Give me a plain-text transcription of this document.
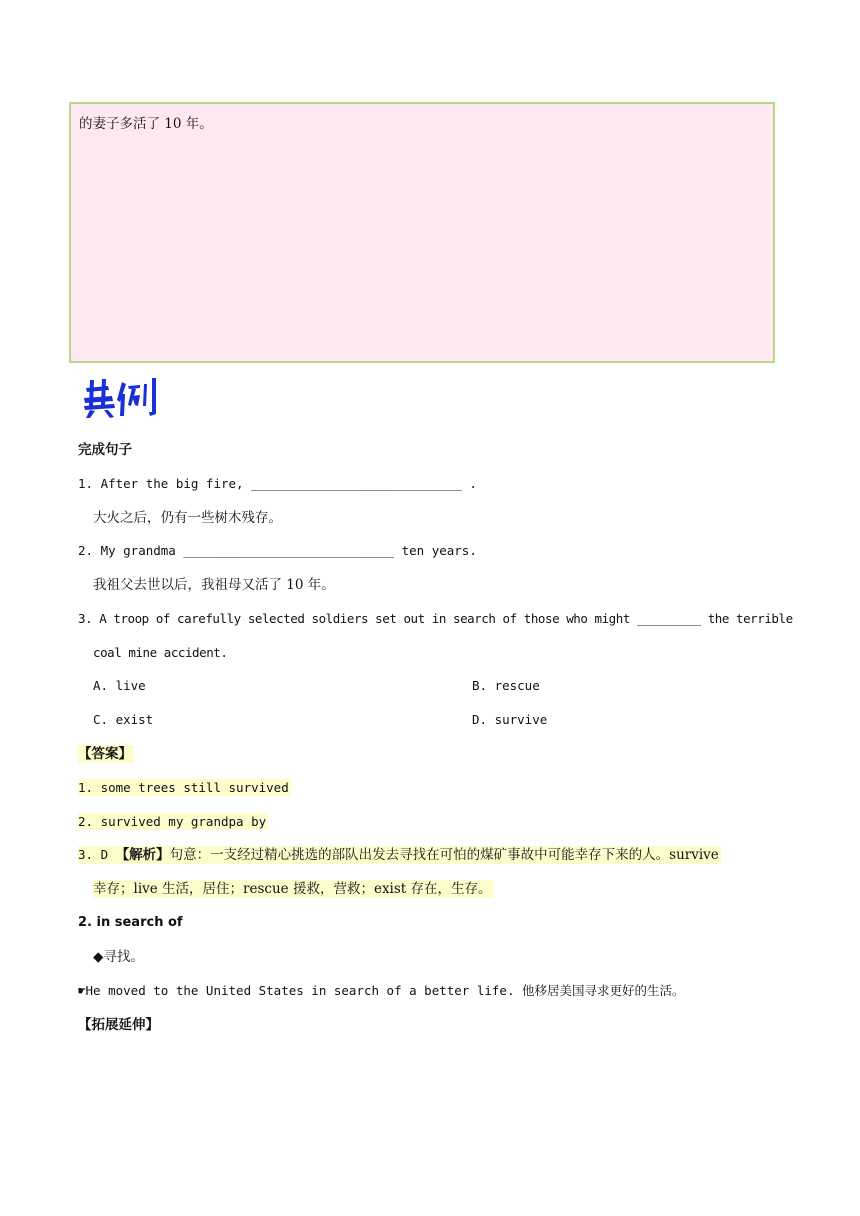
的妻子多活了 10 年。
完成句子
1. After the big fire, ____________________________ .
大火之后，仍有一些树木残存。
2. My grandma ____________________________ ten years.
我祖父去世以后，我祖母又活了 10 年。
3. A troop of carefully selected soldiers set out in search of those who might _________ the terrible
coal mine accident.
A. live	B. rescue
C. exist	D. survive
【答案】
1. some trees still survived
2. survived my grandpa by
3. D 【解析】句意：一支经过精心挑选的部队出发去寻找在可怕的煤矿事故中可能幸存下来的人。survive
幸存；live 生活，居住；rescue 援救，营救；exist 存在，生存。
2. in search of
◆寻找。
☛He moved to the United States in search of a better life. 他移居美国寻求更好的生活。
【拓展延伸】
